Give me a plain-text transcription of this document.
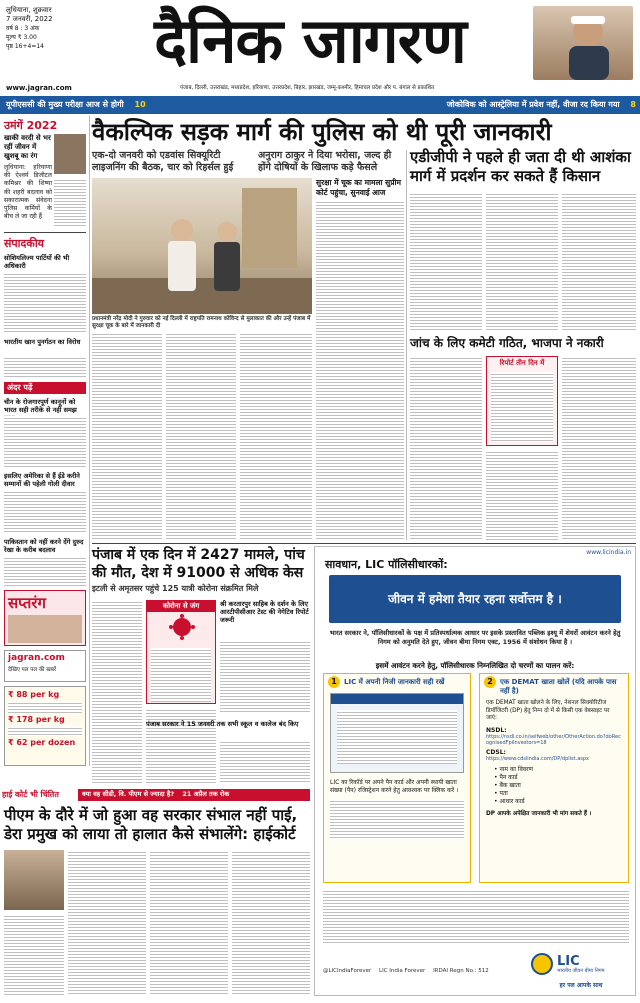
लुधियाना, शुक्रवार
7 जनवरी, 2022
वर्ष 8 : 3 अंक
मूल्य ₹ 3.00
पृष्ठ 16+4=14	दैनिक जागरण
पंजाब, दिल्ली, उत्तराखंड, मध्यप्रदेश, हरियाणा, उत्तरप्रदेश, बिहार, झारखंड, जम्मू-कश्मीर, हिमाचल प्रदेश और प. बंगाल से प्रकाशित
www.jagran.com
यूपीएससी की मुख्य परीक्षा आज से होगी 10	जोकोविक को आस्ट्रेलिया में प्रवेश नहीं, वीजा रद किया गया 8
उमंगें 2022
खाकी वरदी से भर रहीं जीवन में खुशबू का रंग
लुधियाना: हरियाणा की ऐश्वर्य डिजीटल कमिश्नर की शिष्या की शहरी बदलाव को सकारात्मक संवेदना पुलिस कर्मियों के बीच ले जा रही हैं
संपादकीय
सोशियलिज्म पार्टियों की भी अधिकारी
भारतीय खान पुनर्गठन का विरोध
अंदर पढ़ें
चीन के रोजगारपूर्ण कानूनों को भारत सही तरीके से नहीं समझ
इसलिए अमेरिका से हैं ईडे करीने सम्मानों की पहेली गोली दीवार
पाकिस्तान को नहीं करने देंगे दुरुद रेखा के करीब बदलाव
सप्तरंग
jagran.com
देखिए पल पल की खबरें
₹ 88 per kg
₹ 178 per kg
₹ 62 per dozen
वैकल्पिक सड़क मार्ग की पुलिस को थी पूरी जानकारी
एक-दो जनवरी को एडवांस सिक्यूरिटी लाइजनिंग की बैठक, चार को रिहर्सल हुई
अनुराग ठाकुर ने दिया भरोसा, जल्द ही होंगे दोषियों के खिलाफ कड़े फैसले
प्रधानमंत्री नरेंद्र मोदी ने गुरुवार को नई दिल्ली में राष्ट्रपति रामनाथ कोविन्द से मुलाकात की और उन्हें पंजाब में सुरक्षा चूक के बारे में जानकारी दी
सुरक्षा में चूक का मामला सुप्रीम कोर्ट पहुंचा, सुनवाई आज
एडीजीपी ने पहले ही जता दी थी आशंका मार्ग में प्रदर्शन कर सकते हैं किसान
जांच के लिए कमेटी गठित, भाजपा ने नकारी
रिपोर्ट तीन दिन में
पंजाब में एक दिन में 2427 मामले, पांच की मौत, देश में 91000 से अधिक केस
इटली से अमृतसर पहुंचे 125 यात्री कोरोना संक्रमित मिले
कोरोना से जंग	श्री करतारपुर साहिब के दर्शन के लिए आरटीपीसीआर टेस्ट की नेगेटिव रिपोर्ट जरूरी
पंजाब सरकार ने 15 जनवरी तक सभी स्कूल व कालेज बंद किए
www.licindia.in
सावधान, LIC पॉलिसीधारकों:
जीवन में हमेशा तैयार रहना सर्वोत्तम है ।
भारत सरकार ने, पॉलिसीधारकों के पक्ष में प्रतिस्पर्धात्मक आधार पर इसके प्रस्तावित पब्लिक इश्यू में शेयरों आवंटन करने हेतु निगम को अनुमति देते हुए, जीवन बीमा निगम एक्ट, 1956 में संशोधन किया है ।
इसमें आवंटन करने हेतु, पॉलिसीधारक निम्नलिखित दो चरणों का पालन करें:
1	LIC में अपनी निजी जानकारी सही रखें
LIC का रिकॉर्ड पर अपने पैन कार्ड और अपनी स्थायी खाता संख्या (पैन) रजिस्ट्रेशन करने हेतु आवश्यक पर क्लिक करें ।
2	एक DEMAT खाता खोलें (यदि आपके पास नहीं है)
एक DEMAT खाता खोलने के लिए, नेशनल सिक्योरिटीज डिपॉजिटरी (DP) हेतु निम्न दो में से किसी एक वेबसाइट पर जाएं:
NSDL:
https://nsdl.co.in/selfweb/other/OtherAction.do?doRecognisedFpiInvestors=18
CDSL:
https://www.cdslindia.com/DP/dplist.aspx
• नाम का विवरण
• पैन कार्ड
• बैंक खाता
• पता
• आधार कार्ड
DP आपके अपेक्षित जानकारी भी मांग सकते हैं ।
LIC
भारतीय जीवन बीमा निगम
हर पल आपके साथ
@LICIndiaForever LIC India Forever IRDAI Regn No.: 512
हाई कोर्ट भी चिंतित	क्या वह सीडी, वि. पीएम से ज्यादा है? 21 अप्रैल तक रोक
पीएम के दौरे में जो हुआ वह सरकार संभाल नहीं पाई, डेरा प्रमुख को लाया तो हालात कैसे संभालेंगे: हाईकोर्ट
